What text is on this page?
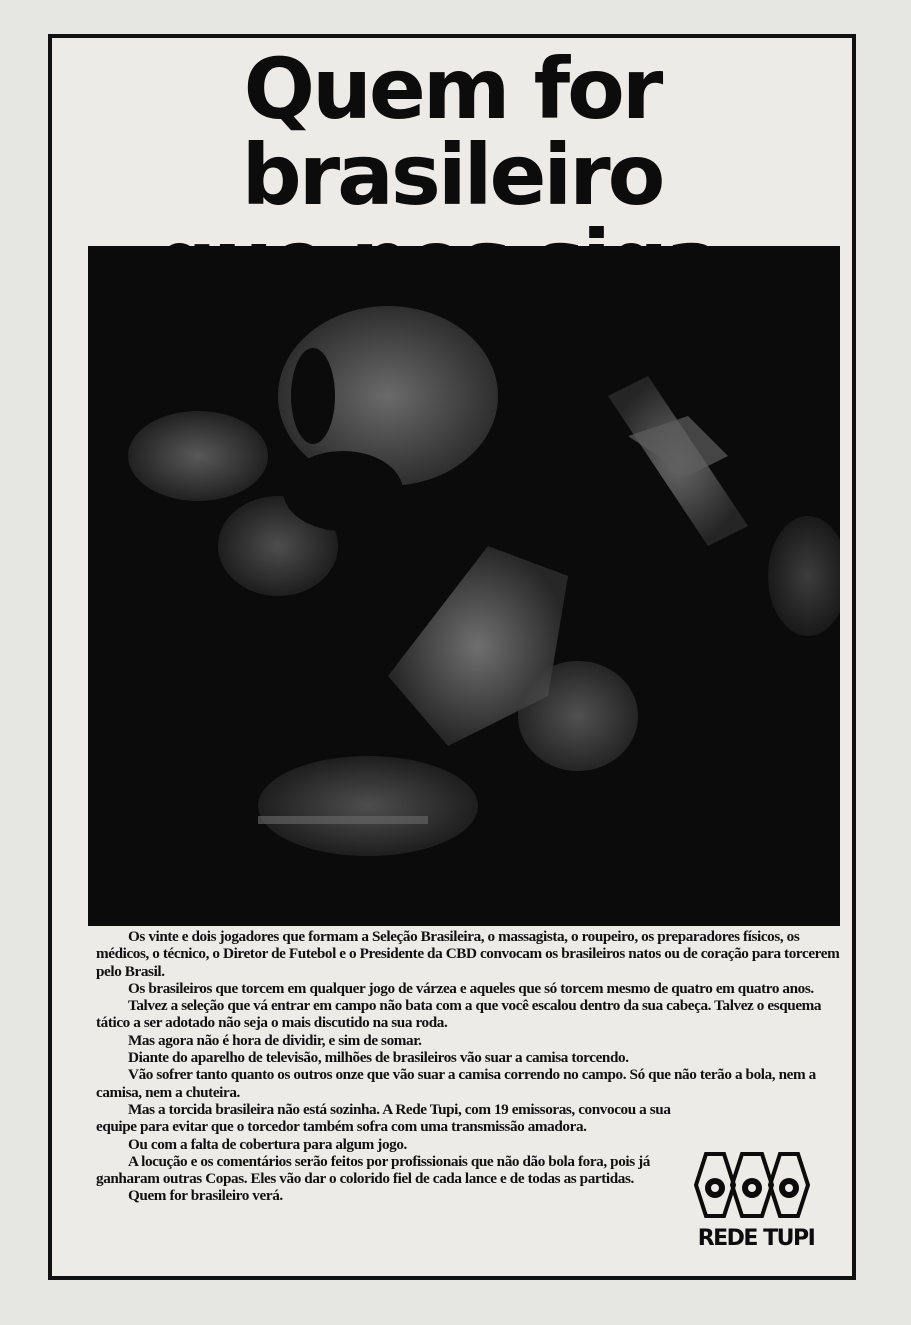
Quem for brasileiro

Os vinte e dois jogadores que formam a Seleção Brasileira, o massagista, o roupeiro, os preparadores físicos, os médicos, o técnico, o Diretor de Futebol e o Presidente da CBD convocam os brasileiros natos ou de coração para torcerem pelo Brasil.

Os brasileiros que torcem em qualquer jogo de várzea e aqueles que só torcem mesmo de quatro em quatro anos.

Talvez a seleção que vá entrar em campo não bata com a que você escalou dentro da sua cabeça. Talvez o esquema tático a ser adotado não seja o mais discutido na sua roda.

Mas agora não é hora de dividir, e sim de somar.

Diante do aparelho de televisão, milhões de brasileiros vão suar a camisa torcendo.

Vão sofrer tanto quanto os outros onze que vão suar a camisa correndo no campo. Só que não terão a bola, nem a camisa, nem a chuteira.

Mas a torcida brasileira não está sozinha. A Rede Tupi, com 19 emissoras, convocou a sua equipe para evitar que o torcedor também sofra com uma transmissão amadora.

Ou com a falta de cobertura para algum jogo.

A locução e os comentários serão feitos por profissionais que não dão bola fora, pois já ganharam outras Copas. Eles vão dar o colorido fiel de cada lance e de todas as partidas.

Quem for brasileiro verá.

REDE TUPI
